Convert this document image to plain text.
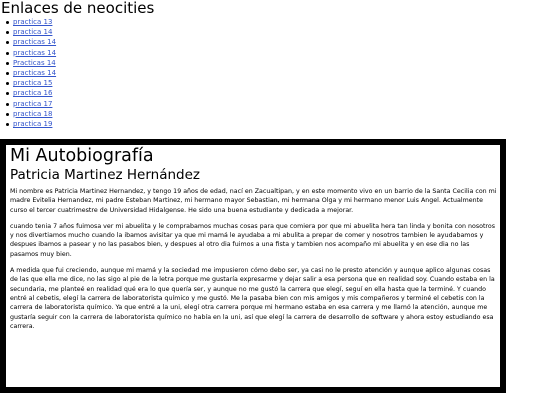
Enlaces de neocities
practica 13
practica 14
practicas 14
practicas 14
Practicas 14
practicas 14
practica 15
practica 16
practica 17
practica 18
practica 19
Mi Autobiografía
Patricia Martinez Hernández

Mi nombre es Patricia Martinez Hernandez, y tengo 19 años de edad, nací en Zacualtipan, y en este momento vivo en un barrio de la Santa Cecilia con mi madre Evitelia Hernandez, mi padre Esteban Martinez, mi hermano mayor Sebastian, mi hermana Olga y mi hermano menor Luis Angel. Actualmente curso el tercer cuatrimestre de Universidad Hidalgense. He sido una buena estudiante y dedicada a mejorar.

cuando tenia 7 años fuimosa ver mi abuelita y le comprabamos muchas cosas para que comiera por que mi abuelita hera tan linda y bonita con nosotros y nos divertiamos mucho cuando la ibamos avisitar ya que mi mamá le ayudaba a mi abulita a prepar de comer y nosotros tambien le ayudabamos y despues ibamos a pasear y no las pasabos bien, y despues al otro dia fuimos a una fista y tambien nos acompaño mi abuelita y en ese dia no las pasamos muy bien.

A medida que fui creciendo, aunque mi mamá y la sociedad me impusieron cómo debo ser, ya casi no le presto atención y aunque aplico algunas cosas de las que ella me dice, no las sigo al pie de la letra porque me gustaría expresarme y dejar salir a esa persona que en realidad soy. Cuando estaba en la secundaria, me planteé en realidad qué era lo que quería ser, y aunque no me gustó la carrera que elegí, seguí en ella hasta que la terminé. Y cuando entré al cebetis, elegí la carrera de laboratorista químico y me gustó. Me la pasaba bien con mis amigos y mis compañeros y terminé el cebetis con la carrera de laboratorista químico. Ya que entré a la uni, elegí otra carrera porque mi hermano estaba en esa carrera y me llamó la atención, aunque me gustaría seguir con la carrera de laboratorista químico no había en la uni, así que elegí la carrera de desarrollo de software y ahora estoy estudiando esa carrera.
